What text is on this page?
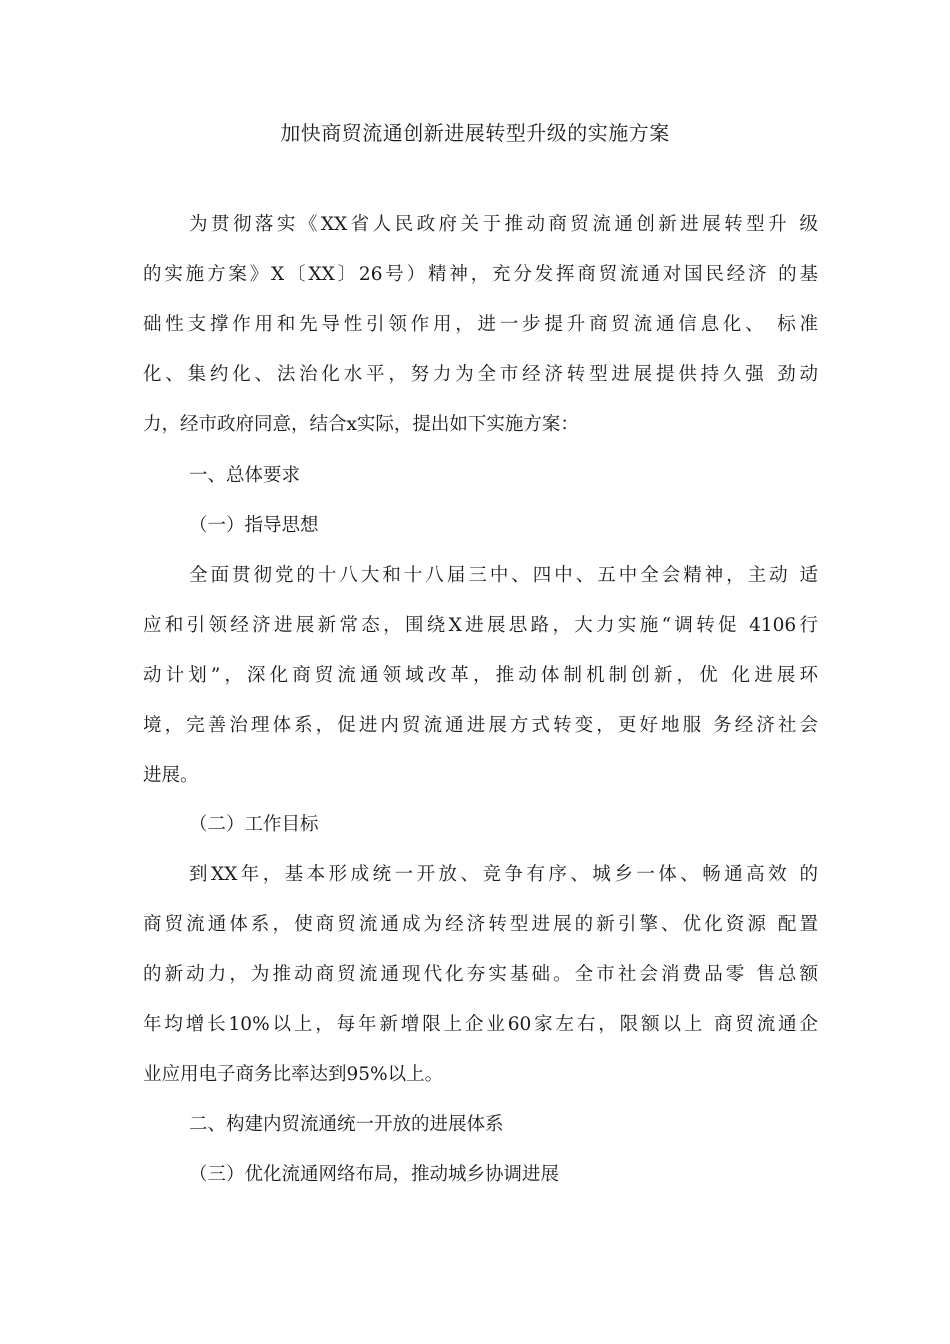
加快商贸流通创新进展转型升级的实施方案
为贯彻落实《XX省人民政府关于推动商贸流通创新进展转型升 级
的实施方案》X〔XX〕26号）精神，充分发挥商贸流通对国民经济 的基
础性支撑作用和先导性引领作用，进一步提升商贸流通信息化、 标准
化、集约化、法治化水平，努力为全市经济转型进展提供持久强 劲动
力，经市政府同意，结合x实际，提出如下实施方案：
一、总体要求
（一）指导思想
全面贯彻党的十八大和十八届三中、四中、五中全会精神，主动 适
应和引领经济进展新常态，围绕X进展思路，大力实施“调转促 4106行
动计划”，深化商贸流通领域改革，推动体制机制创新，优 化进展环
境，完善治理体系，促进内贸流通进展方式转变，更好地服 务经济社会
进展。
（二）工作目标
到XX年，基本形成统一开放、竞争有序、城乡一体、畅通高效 的
商贸流通体系，使商贸流通成为经济转型进展的新引擎、优化资源 配置
的新动力，为推动商贸流通现代化夯实基础。全市社会消费品零 售总额
年均增长10%以上，每年新增限上企业60家左右，限额以上 商贸流通企
业应用电子商务比率达到95%以上。
二、构建内贸流通统一开放的进展体系
（三）优化流通网络布局，推动城乡协调进展
